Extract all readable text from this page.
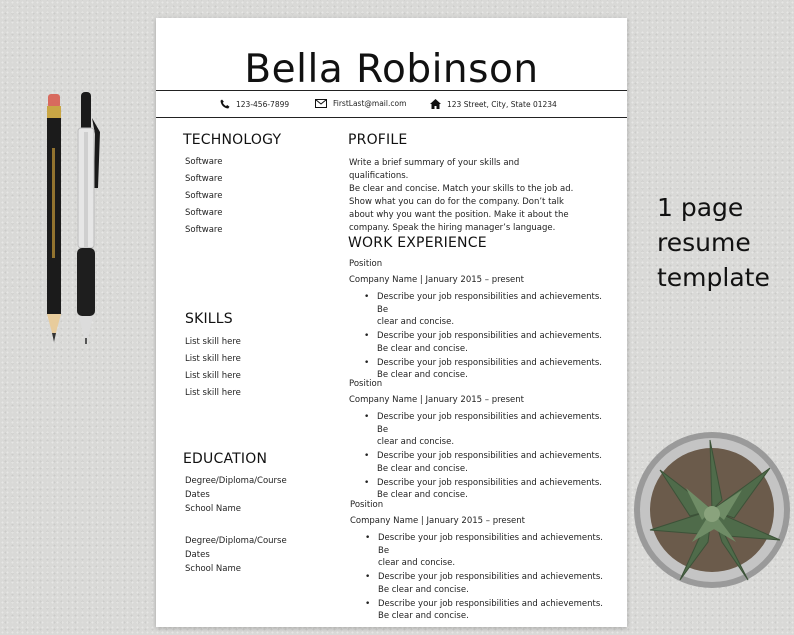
1 page
resume
template
Bella Robinson
123-456-7899	FirstLast@mail.com	123 Street, City, State 01234
TECHNOLOGY
Software
Software
Software
Software
Software
SKILLS
List skill here
List skill here
List skill here
List skill here
EDUCATION
Degree/Diploma/Course
Dates
School Name
Degree/Diploma/Course
Dates
School Name
PROFILE
Write a brief summary of your skills and qualifications.
Be clear and concise. Match your skills to the job ad.
Show what you can do for the company. Don’t talk
about why you want the position. Make it about the
company. Speak the hiring manager’s language.
WORK EXPERIENCE
Position
Company Name | January 2015 – present
• Describe your job responsibilities and achievements. Be
clear and concise.
• Describe your job responsibilities and achievements.
Be clear and concise.
• Describe your job responsibilities and achievements.
Be clear and concise.
Position
Company Name | January 2015 – present
• Describe your job responsibilities and achievements. Be
clear and concise.
• Describe your job responsibilities and achievements.
Be clear and concise.
• Describe your job responsibilities and achievements.
Be clear and concise.
Position
Company Name | January 2015 – present
• Describe your job responsibilities and achievements. Be
clear and concise.
• Describe your job responsibilities and achievements.
Be clear and concise.
• Describe your job responsibilities and achievements.
Be clear and concise.
